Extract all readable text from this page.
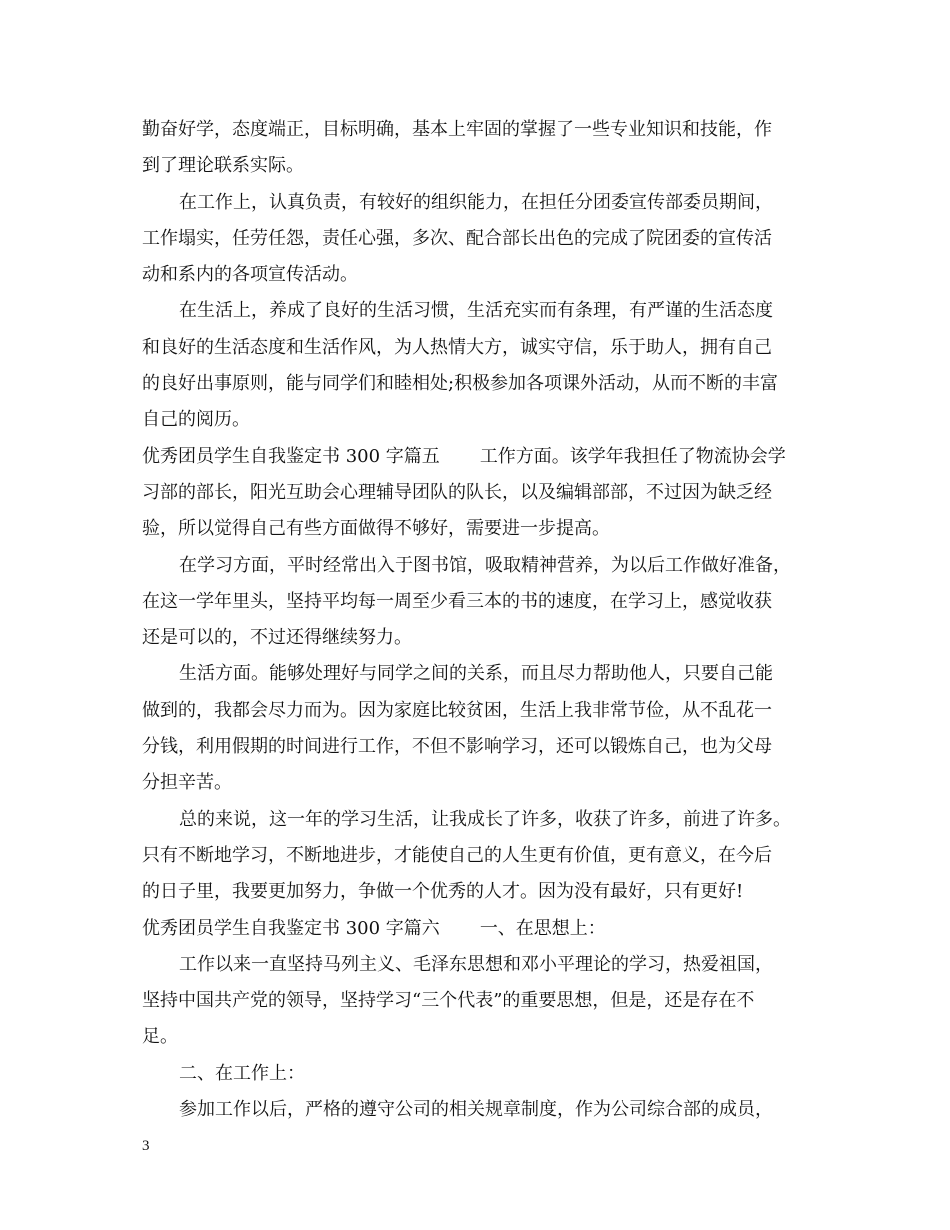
勤奋好学，态度端正，目标明确，基本上牢固的掌握了一些专业知识和技能，作
到了理论联系实际。
在工作上，认真负责，有较好的组织能力，在担任分团委宣传部委员期间，
工作塌实，任劳任怨，责任心强，多次、配合部长出色的完成了院团委的宣传活
动和系内的各项宣传活动。
在生活上，养成了良好的生活习惯，生活充实而有条理，有严谨的生活态度
和良好的生活态度和生活作风，为人热情大方，诚实守信，乐于助人，拥有自己
的良好出事原则，能与同学们和睦相处;积极参加各项课外活动，从而不断的丰富
自己的阅历。
优秀团员学生自我鉴定书 300 字篇五 工作方面。该学年我担任了物流协会学
习部的部长，阳光互助会心理辅导团队的队长，以及编辑部部，不过因为缺乏经
验，所以觉得自己有些方面做得不够好，需要进一步提高。
在学习方面，平时经常出入于图书馆，吸取精神营养，为以后工作做好准备，
在这一学年里头，坚持平均每一周至少看三本的书的速度，在学习上，感觉收获
还是可以的，不过还得继续努力。
生活方面。能够处理好与同学之间的关系，而且尽力帮助他人，只要自己能
做到的，我都会尽力而为。因为家庭比较贫困，生活上我非常节俭，从不乱花一
分钱，利用假期的时间进行工作，不但不影响学习，还可以锻炼自己，也为父母
分担辛苦。
总的来说，这一年的学习生活，让我成长了许多，收获了许多，前进了许多。
只有不断地学习，不断地进步，才能使自己的人生更有价值，更有意义，在今后
的日子里，我要更加努力，争做一个优秀的人才。因为没有最好，只有更好!
优秀团员学生自我鉴定书 300 字篇六 一、在思想上：
工作以来一直坚持马列主义、毛泽东思想和邓小平理论的学习，热爱祖国，
坚持中国共产党的领导，坚持学习“三个代表”的重要思想，但是，还是存在不
足。
二、在工作上：
参加工作以后，严格的遵守公司的相关规章制度，作为公司综合部的成员，
3
